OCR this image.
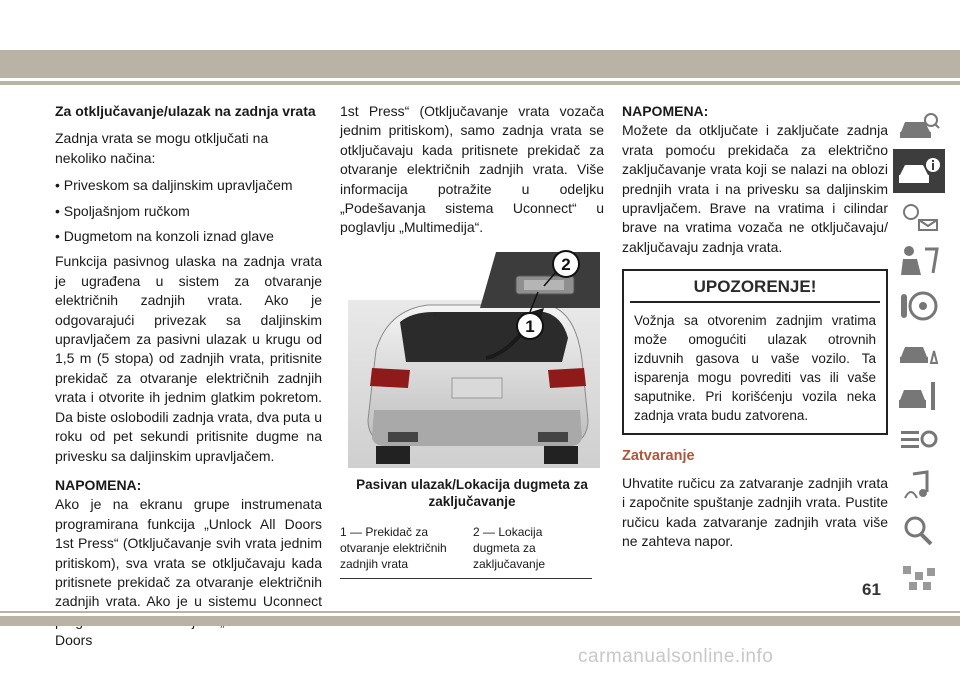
Za otključavanje/ulazak na zadnja vrata
Zadnja vrata se mogu otključati na nekoliko načina:
• Priveskom sa daljinskim upravljačem
• Spoljašnjom ručkom
• Dugmetom na konzoli iznad glave
Funkcija pasivnog ulaska na zadnja vrata je ugrađena u sistem za otvaranje električnih zadnjih vrata. Ako je odgovarajući privezak sa daljinskim upravljačem za pasivni ulazak u krugu od 1,5 m (5 stopa) od zadnjih vrata, pritisnite prekidač za otvaranje električnih zadnjih vrata i otvorite ih jednim glatkim pokretom. Da biste oslobodili zadnja vrata, dva puta u roku od pet sekundi pritisnite dugme na privesku sa daljinskim upravljačem.
NAPOMENA:
Ako je na ekranu grupe instrumenata programirana funkcija „Unlock All Doors 1st Press“ (Otključavanje svih vrata jednim pritiskom), sva vrata se otključavaju kada pritisnete prekidač za otvaranje električnih zadnjih vrata. Ako je u sistemu Uconnect Doors
1st Press“ (Otključavanje vrata vozača jednim pritiskom), samo zadnja vrata se otključavaju kada pritisnete prekidač za otvaranje električnih zadnjih vrata. Više informacija potražite u odeljku „Podešavanja sistema Uconnect“ u poglavlju „Multimedija“.
2
1
Pasivan ulazak/Lokacija dugmeta za zaključavanje
1 — Prekidač za otvaranje električnih zadnjih vrata
2 — Lokacija dugmeta za zaključavanje
NAPOMENA:
Možete da otključate i zaključate zadnja vrata pomoću prekidača za električno zaključavanje vrata koji se nalazi na oblozi prednjih vrata i na privesku sa daljinskim upravljačem. Brave na vratima i cilindar brave na vratima vozača ne otključavaju/ zaključavaju zadnja vrata.
UPOZORENJE!
Vožnja sa otvorenim zadnjim vratima može omogućiti ulazak otrovnih izduvnih gasova u vaše vozilo. Ta isparenja mogu povrediti vas ili vaše saputnike. Pri korišćenju vozila neka zadnja vrata budu zatvorena.
Zatvaranje
Uhvatite ručicu za zatvaranje zadnjih vrata i započnite spuštanje zadnjih vrata. Pustite ručicu kada zatvaranje zadnjih vrata više ne zahteva napor.
61
carmanualsonline.info
